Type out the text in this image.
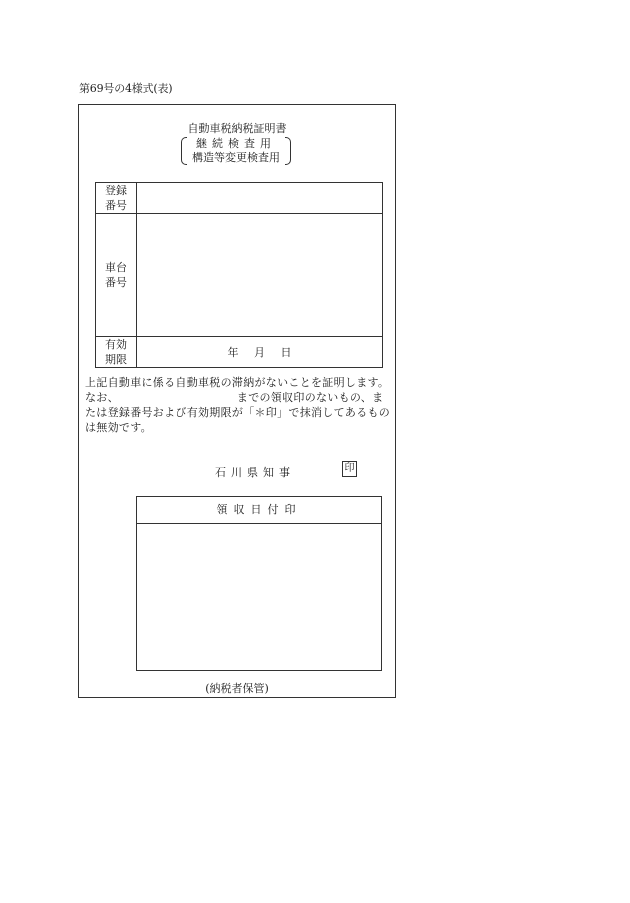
第69号の4様式(表)
自動車税納税証明書
継続検査用
構造等変更検査用
登録
番号	

車台
番号	

有効
期限	年 月 日

上記自動車に係る自動車税の滞納がないことを証明します。

なお、	までの領収印のないもの、または登録番号および有効期限が「＊印」で抹消してあるものは無効です。

石川県知事	印
領収日付印
(納税者保管)
